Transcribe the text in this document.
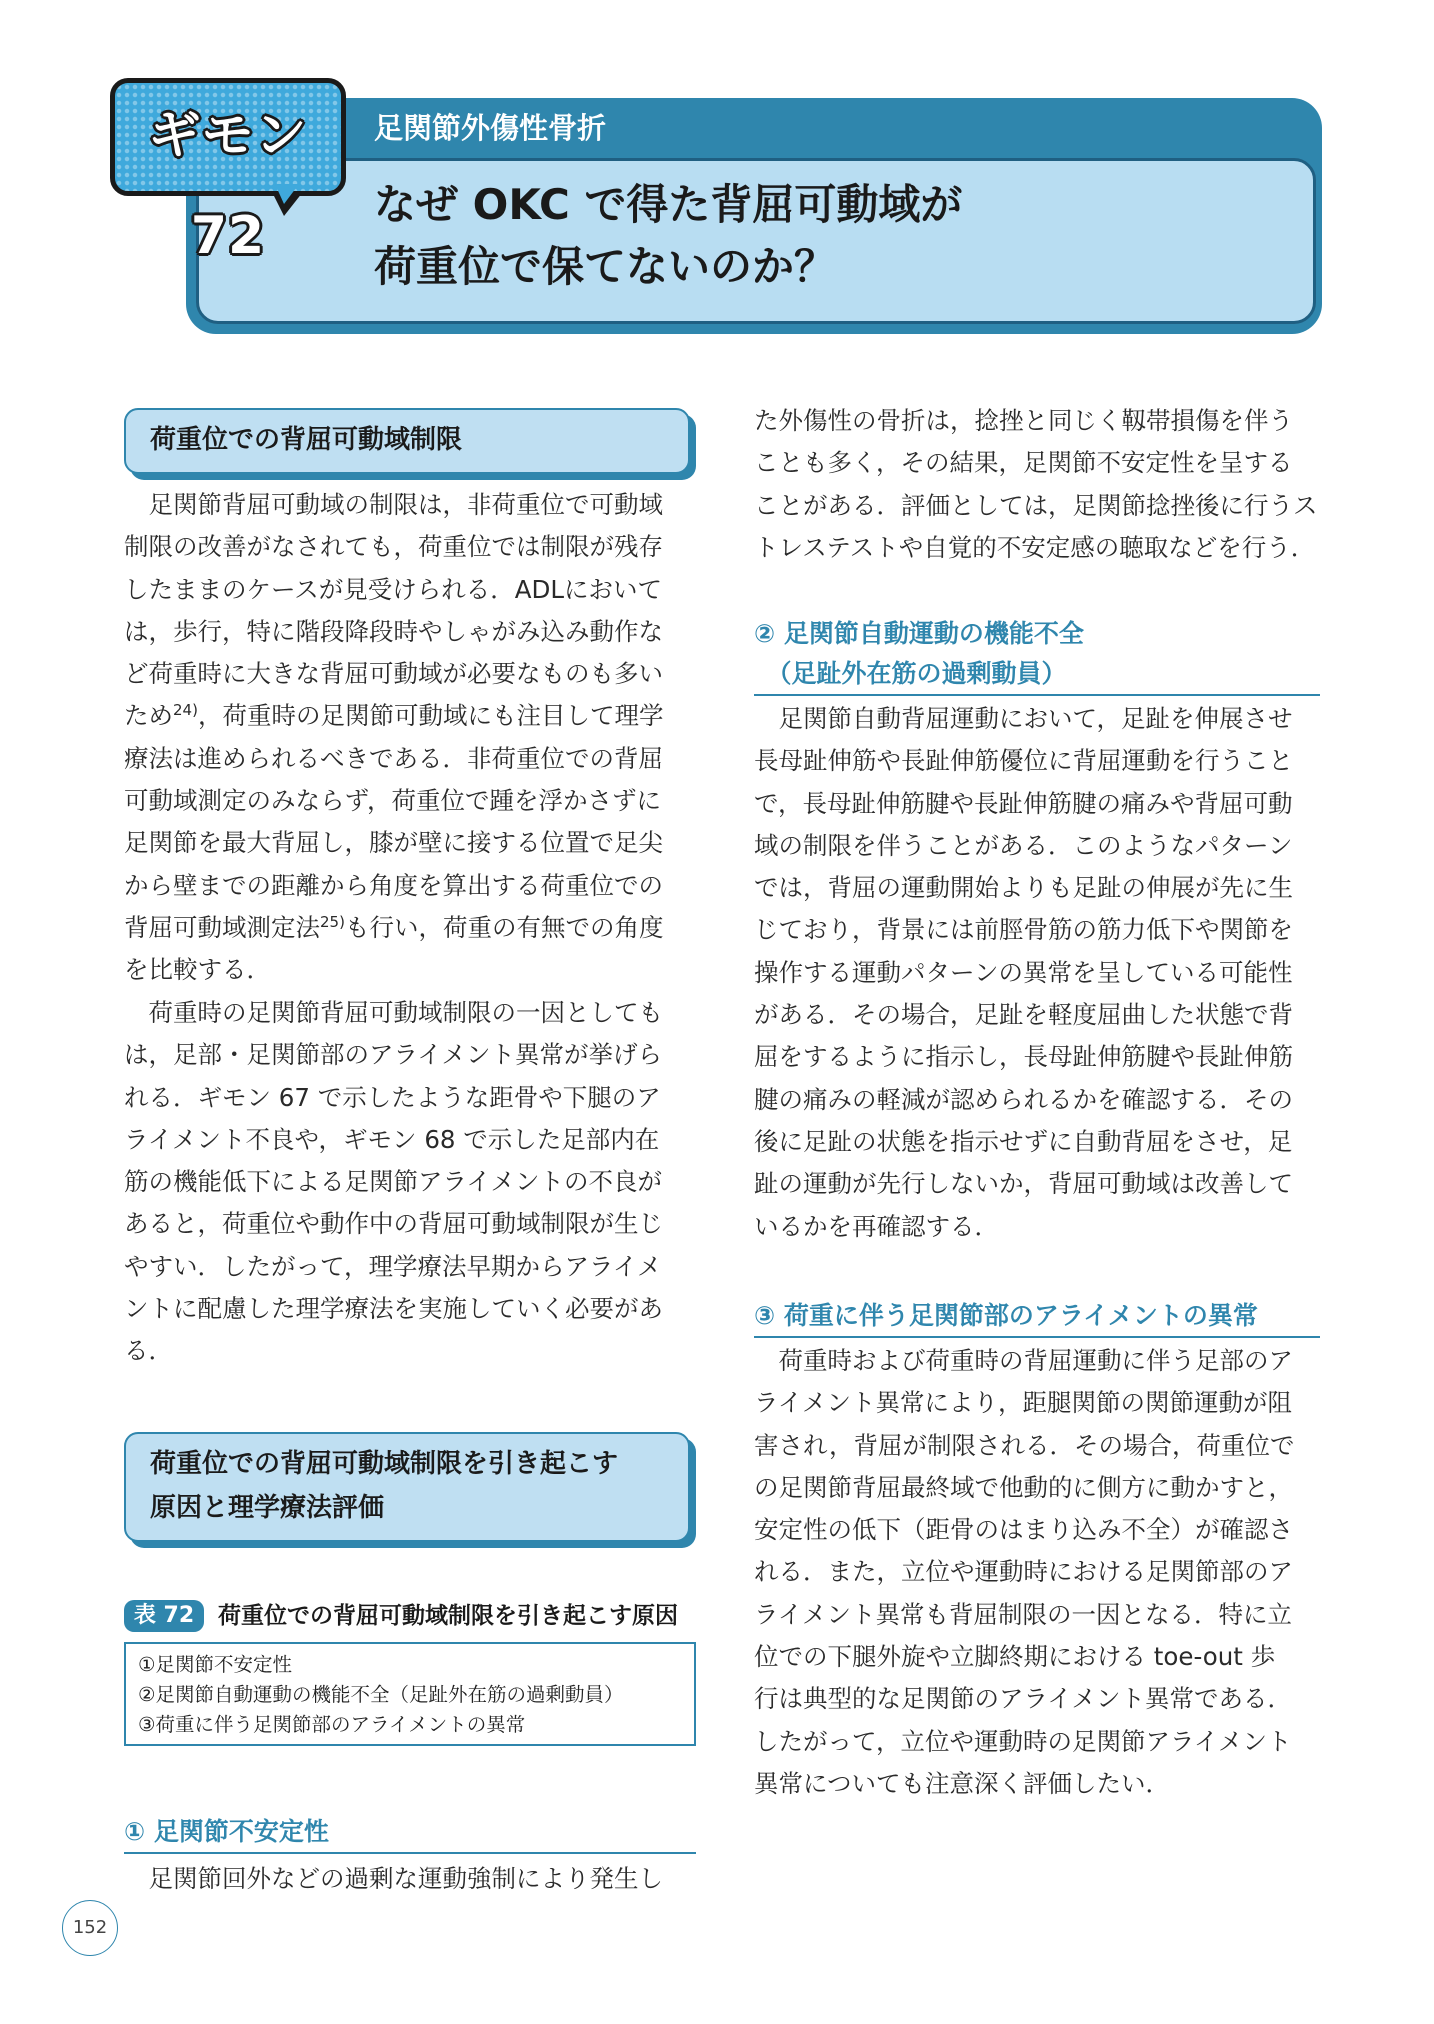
足関節外傷性骨折
なぜ OKC で得た背屈可動域が
荷重位で保てないのか？
ギモン 72
荷重位での背屈可動域制限
　足関節背屈可動域の制限は，非荷重位で可動域
制限の改善がなされても，荷重位では制限が残存
したままのケースが見受けられる．ADLにおいて
は，歩行，特に階段降段時やしゃがみ込み動作な
ど荷重時に大きな背屈可動域が必要なものも多い
ため$^{24)}$，荷重時の足関節可動域にも注目して理学
療法は進められるべきである．非荷重位での背屈
可動域測定のみならず，荷重位で踵を浮かさずに
足関節を最大背屈し，膝が壁に接する位置で足尖
から壁までの距離から角度を算出する荷重位での
背屈可動域測定法$^{25)}$も行い，荷重の有無での角度
を比較する．
　荷重時の足関節背屈可動域制限の一因としても
は，足部・足関節部のアライメント異常が挙げら
れる．ギモン 67 で示したような距骨や下腿のア
ライメント不良や，ギモン 68 で示した足部内在
筋の機能低下による足関節アライメントの不良が
あると，荷重位や動作中の背屈可動域制限が生じ
やすい．したがって，理学療法早期からアライメ
ントに配慮した理学療法を実施していく必要があ
る．
荷重位での背屈可動域制限を引き起こす
原因と理学療法評価
表 72	荷重位での背屈可動域制限を引き起こす原因
①足関節不安定性
②足関節自動運動の機能不全（足趾外在筋の過剰動員）
③荷重に伴う足関節部のアライメントの異常
① 足関節不安定性
　足関節回外などの過剰な運動強制により発生し
た外傷性の骨折は，捻挫と同じく靱帯損傷を伴う
ことも多く，その結果，足関節不安定性を呈する
ことがある．評価としては，足関節捻挫後に行うス
トレステストや自覚的不安定感の聴取などを行う．
② 足関節自動運動の機能不全
　（足趾外在筋の過剰動員）
　足関節自動背屈運動において，足趾を伸展させ
長母趾伸筋や長趾伸筋優位に背屈運動を行うこと
で，長母趾伸筋腱や長趾伸筋腱の痛みや背屈可動
域の制限を伴うことがある．このようなパターン
では，背屈の運動開始よりも足趾の伸展が先に生
じており，背景には前脛骨筋の筋力低下や関節を
操作する運動パターンの異常を呈している可能性
がある．その場合，足趾を軽度屈曲した状態で背
屈をするように指示し，長母趾伸筋腱や長趾伸筋
腱の痛みの軽減が認められるかを確認する．その
後に足趾の状態を指示せずに自動背屈をさせ，足
趾の運動が先行しないか，背屈可動域は改善して
いるかを再確認する．
③ 荷重に伴う足関節部のアライメントの異常
　荷重時および荷重時の背屈運動に伴う足部のア
ライメント異常により，距腿関節の関節運動が阻
害され，背屈が制限される．その場合，荷重位で
の足関節背屈最終域で他動的に側方に動かすと，
安定性の低下（距骨のはまり込み不全）が確認さ
れる．また，立位や運動時における足関節部のア
ライメント異常も背屈制限の一因となる．特に立
位での下腿外旋や立脚終期における toe-out 歩
行は典型的な足関節のアライメント異常である．
したがって，立位や運動時の足関節アライメント
異常についても注意深く評価したい．
152
